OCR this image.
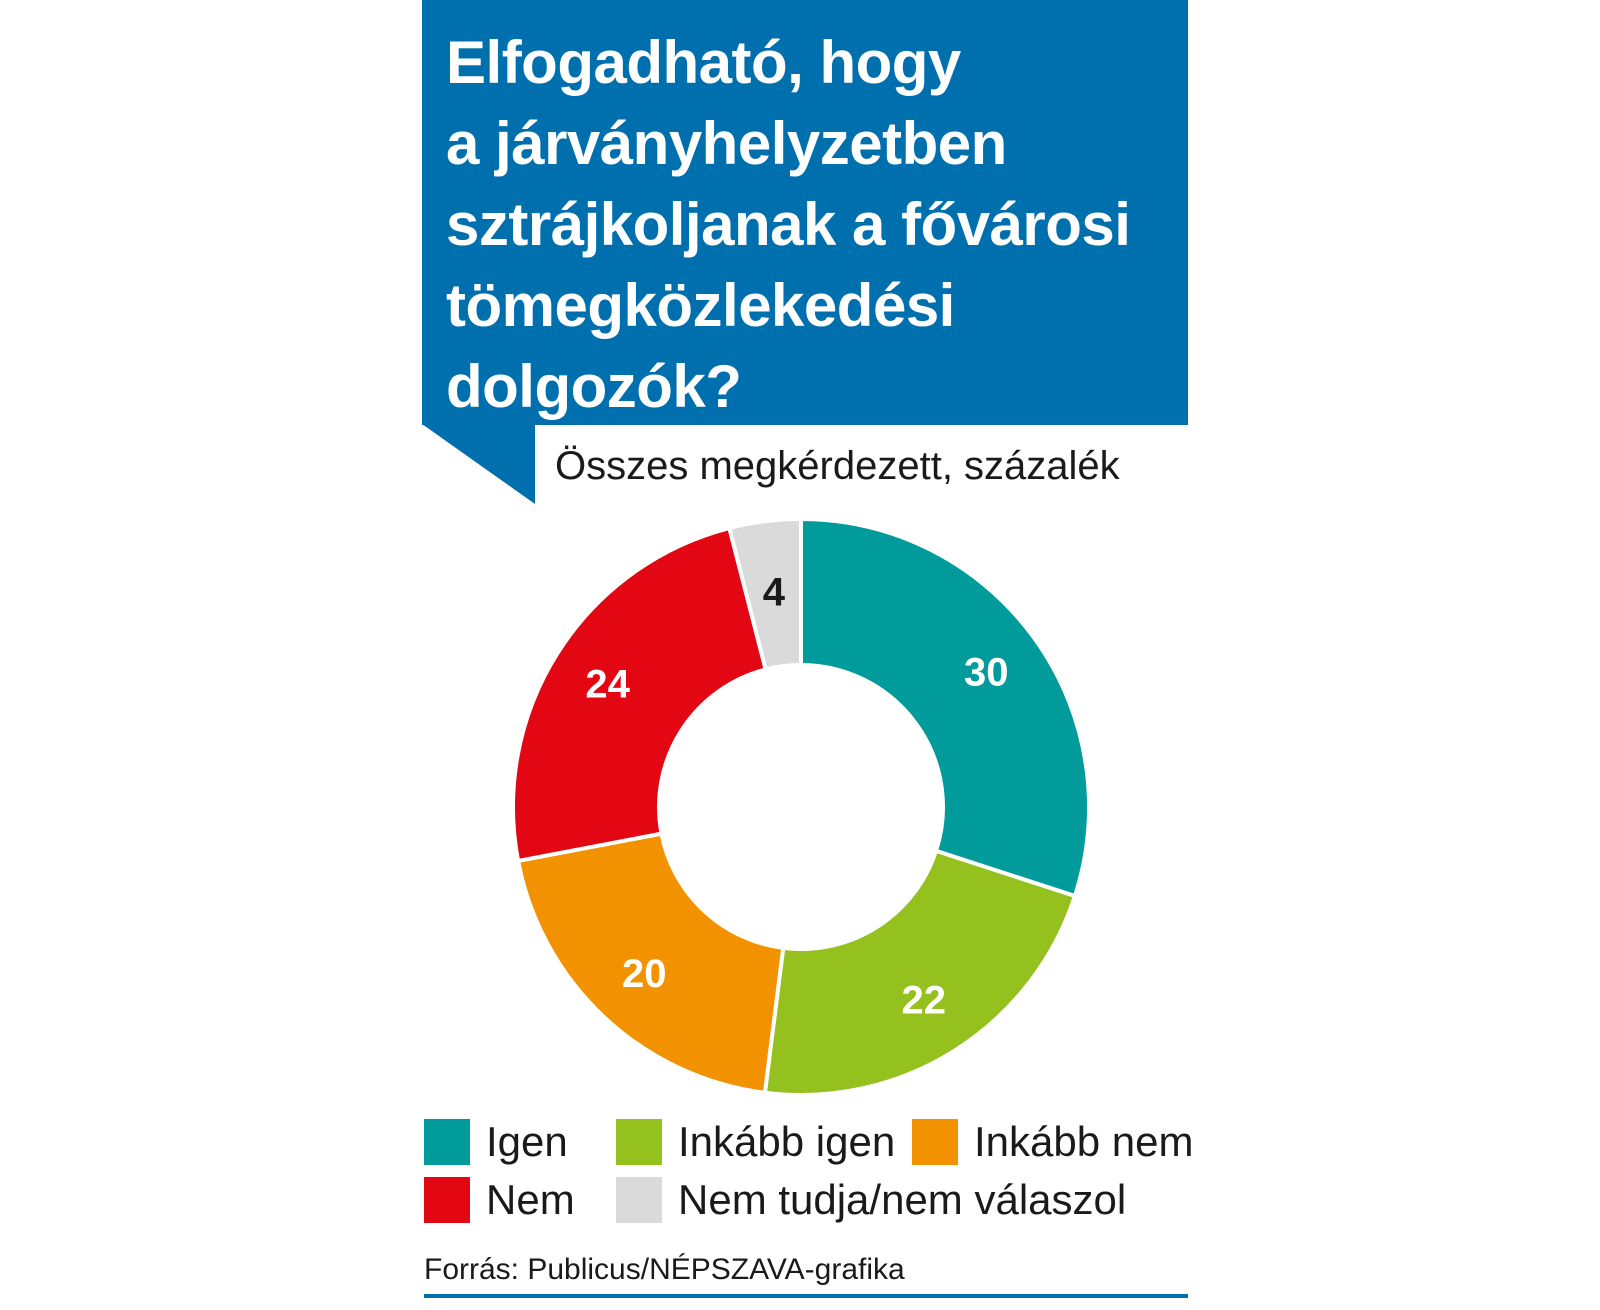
Elfogadható, hogy
a járványhelyzetben
sztrájkoljanak a fővárosi
tömegközlekedési
dolgozók?
Összes megkérdezett, százalék
30
22
20
24
4
Igen	Inkább igen Inkább nem
Nem Nem tudja/nem válaszol
Forrás: Publicus/NÉPSZAVA-grafika
